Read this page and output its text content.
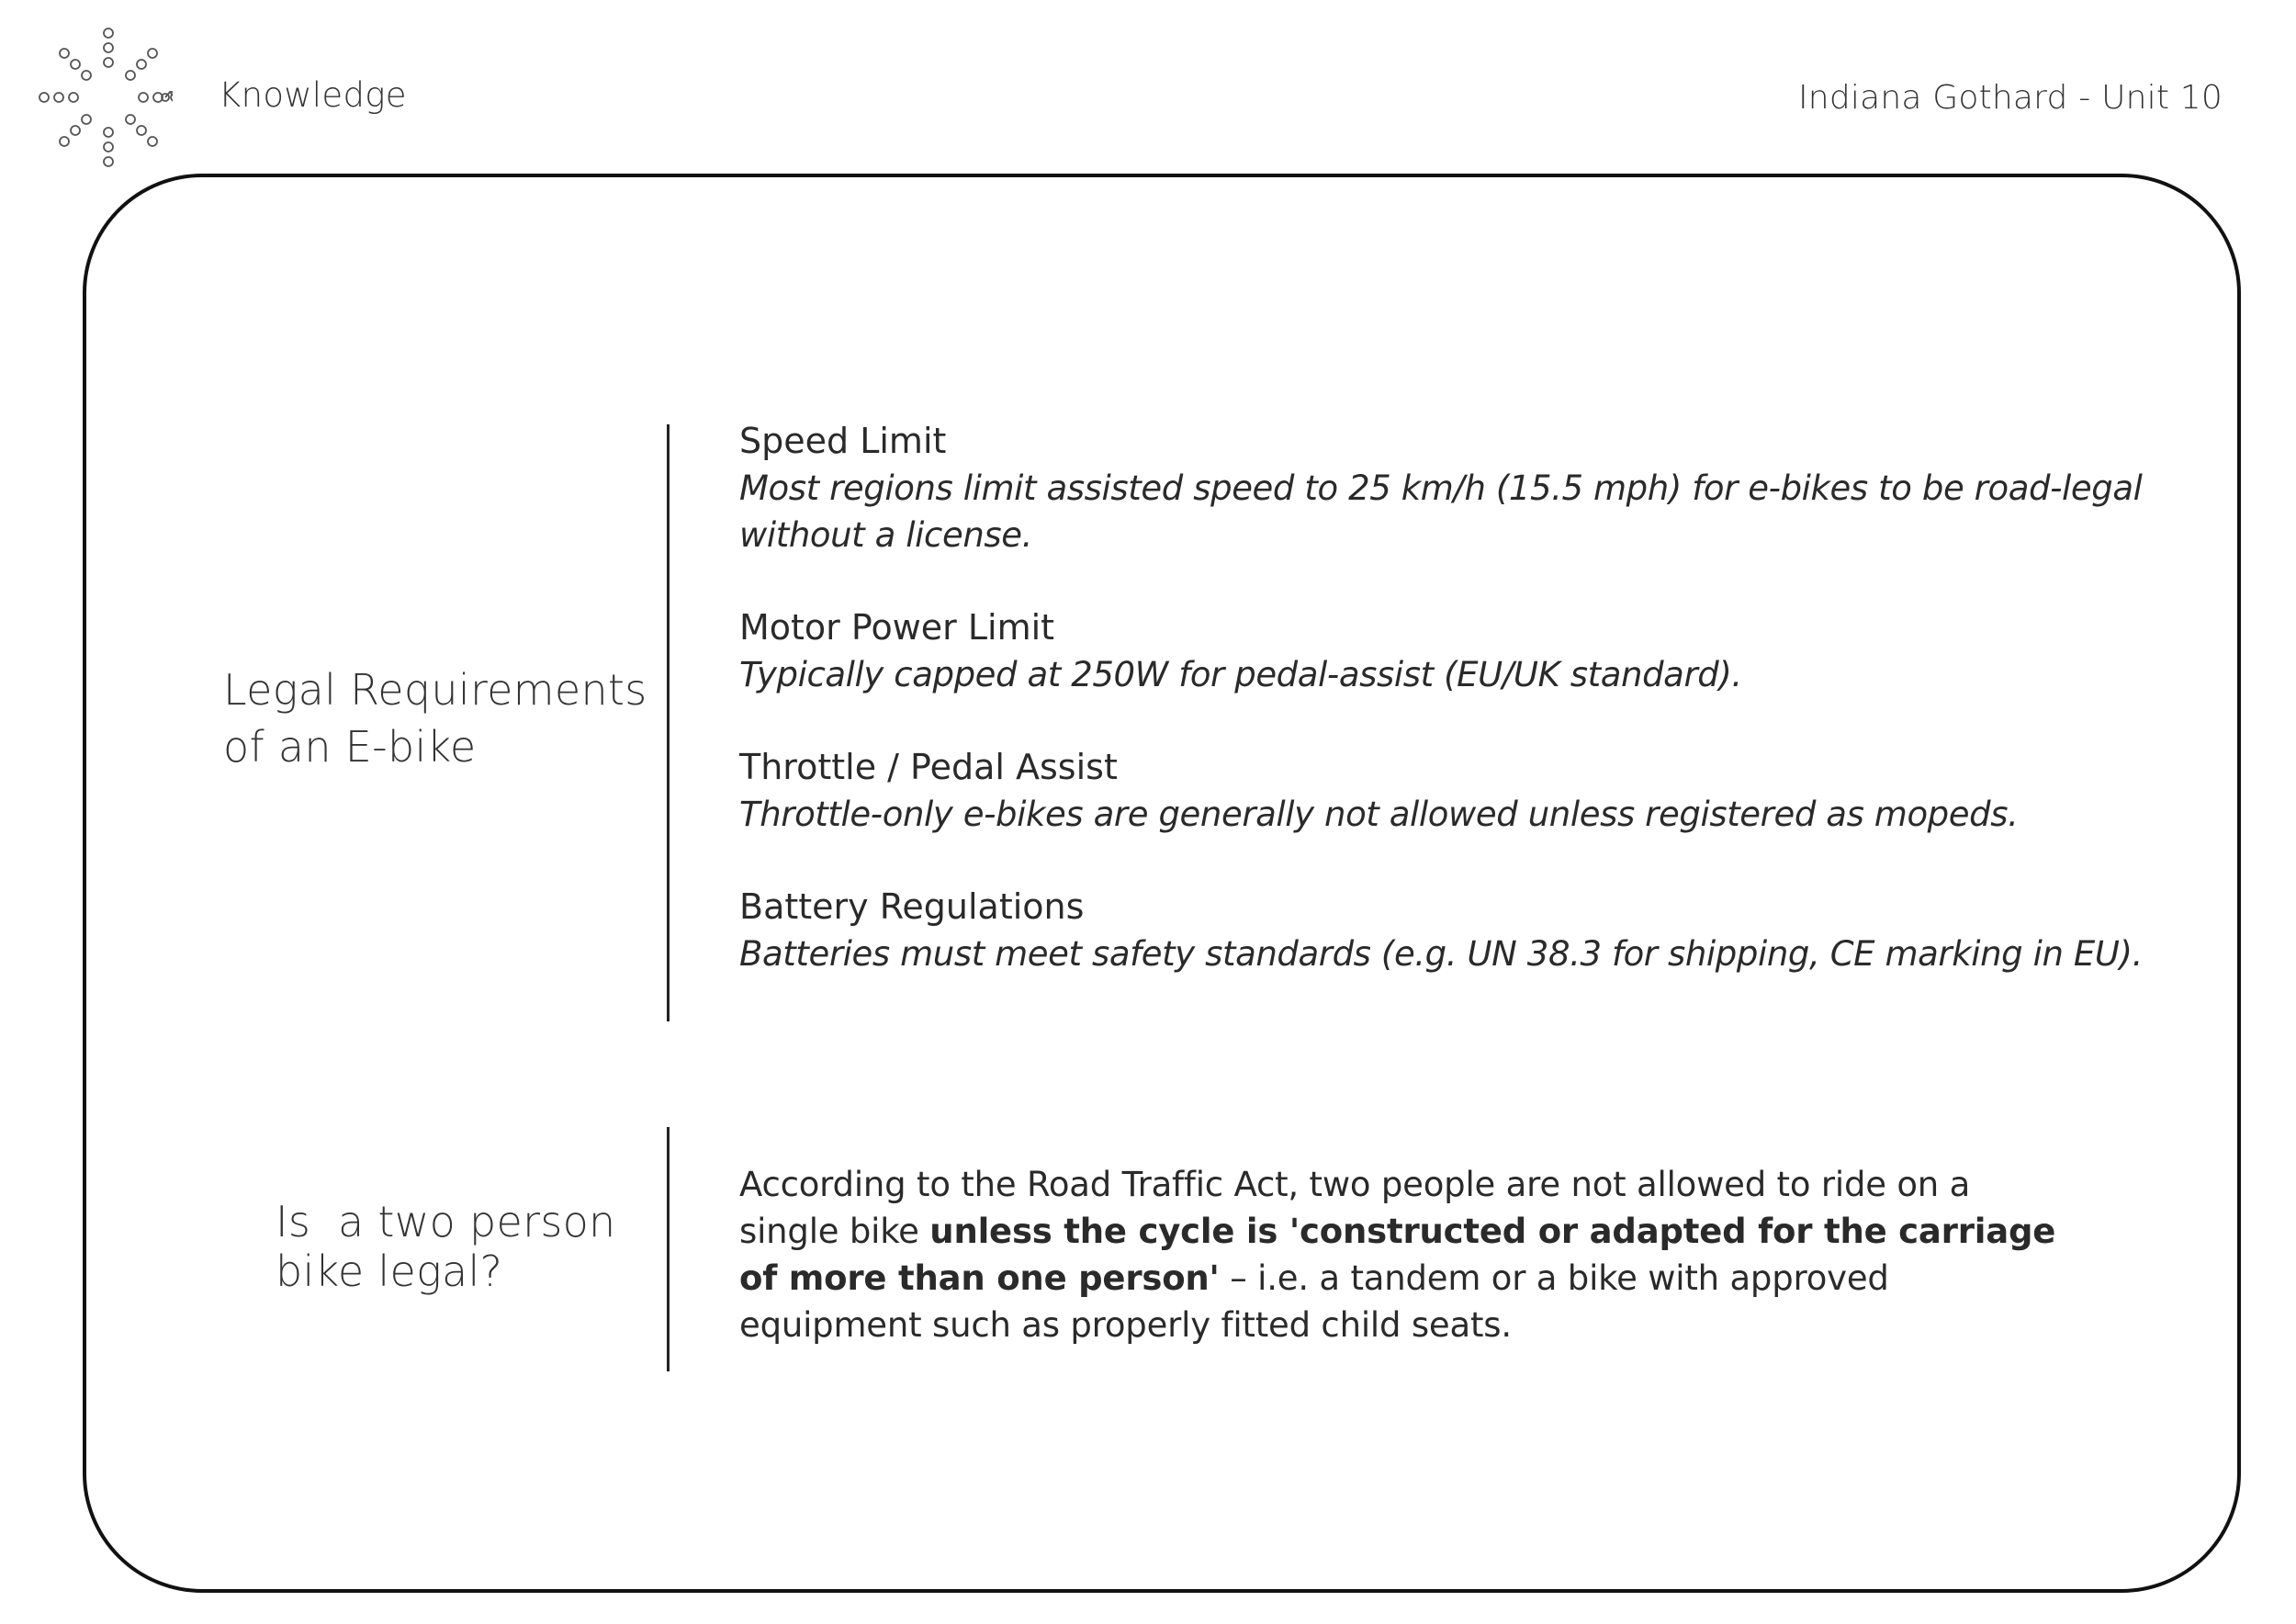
Knowledge	Indiana Gothard - Unit 10
Legal Requirements
of an E-bike
Speed Limit
Most regions limit assisted speed to 25 km/h (15.5 mph) for e-bikes to be road-legal without a license.
Motor Power Limit
Typically capped at 250W for pedal-assist (EU/UK standard).
Throttle / Pedal Assist
Throttle-only e-bikes are generally not allowed unless registered as mopeds.
Battery Regulations
Batteries must meet safety standards (e.g. UN 38.3 for shipping, CE marking in EU).
Is  a two person
bike legal?
According to the Road Traffic Act, two people are not allowed to ride on a single bike unless the cycle is 'constructed or adapted for the carriage of more than one person' – i.e. a tandem or a bike with approved equipment such as properly fitted child seats.
